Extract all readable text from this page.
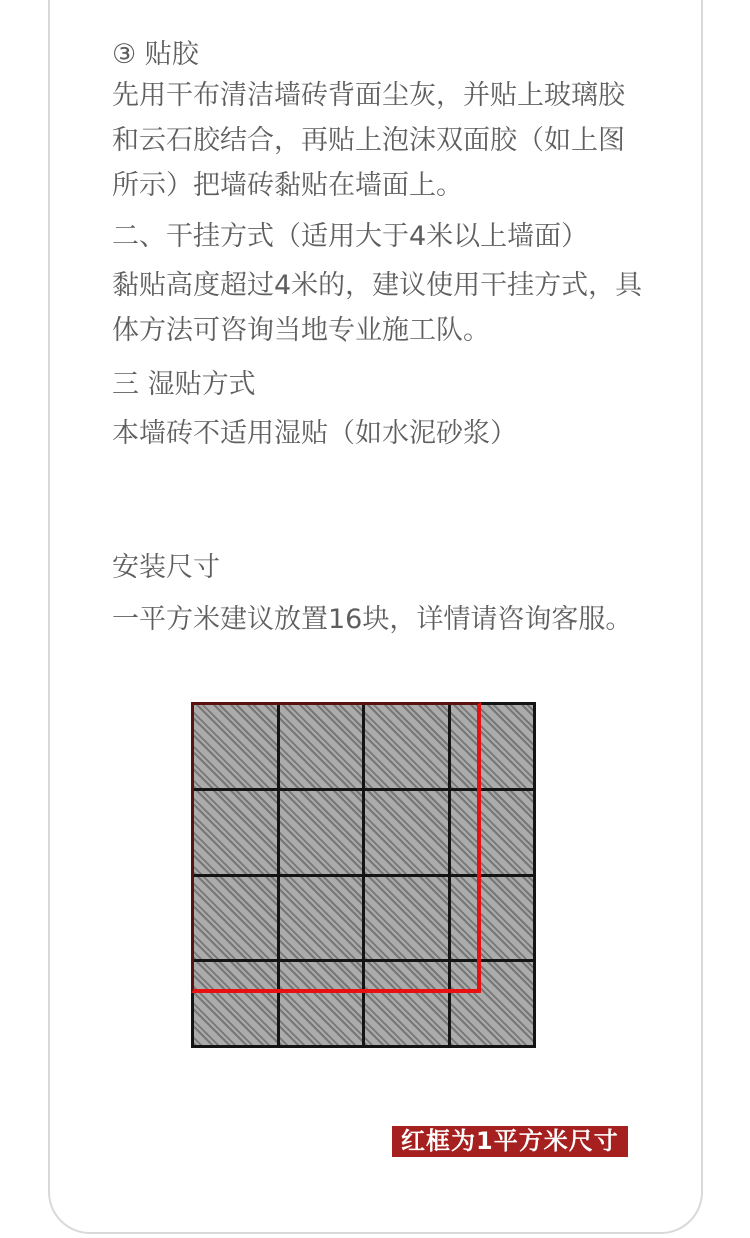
③ 贴胶

先用干布清洁墙砖背面尘灰，并贴上玻璃胶和云石胶结合，再贴上泡沫双面胶（如上图所示）把墙砖黏贴在墙面上。

二、干挂方式（适用大于4米以上墙面）

黏贴高度超过4米的，建议使用干挂方式，具体方法可咨询当地专业施工队。

三 湿贴方式

本墙砖不适用湿贴（如水泥砂浆）

安装尺寸

一平方米建议放置16块，详情请咨询客服。

红框为1平方米尺寸
